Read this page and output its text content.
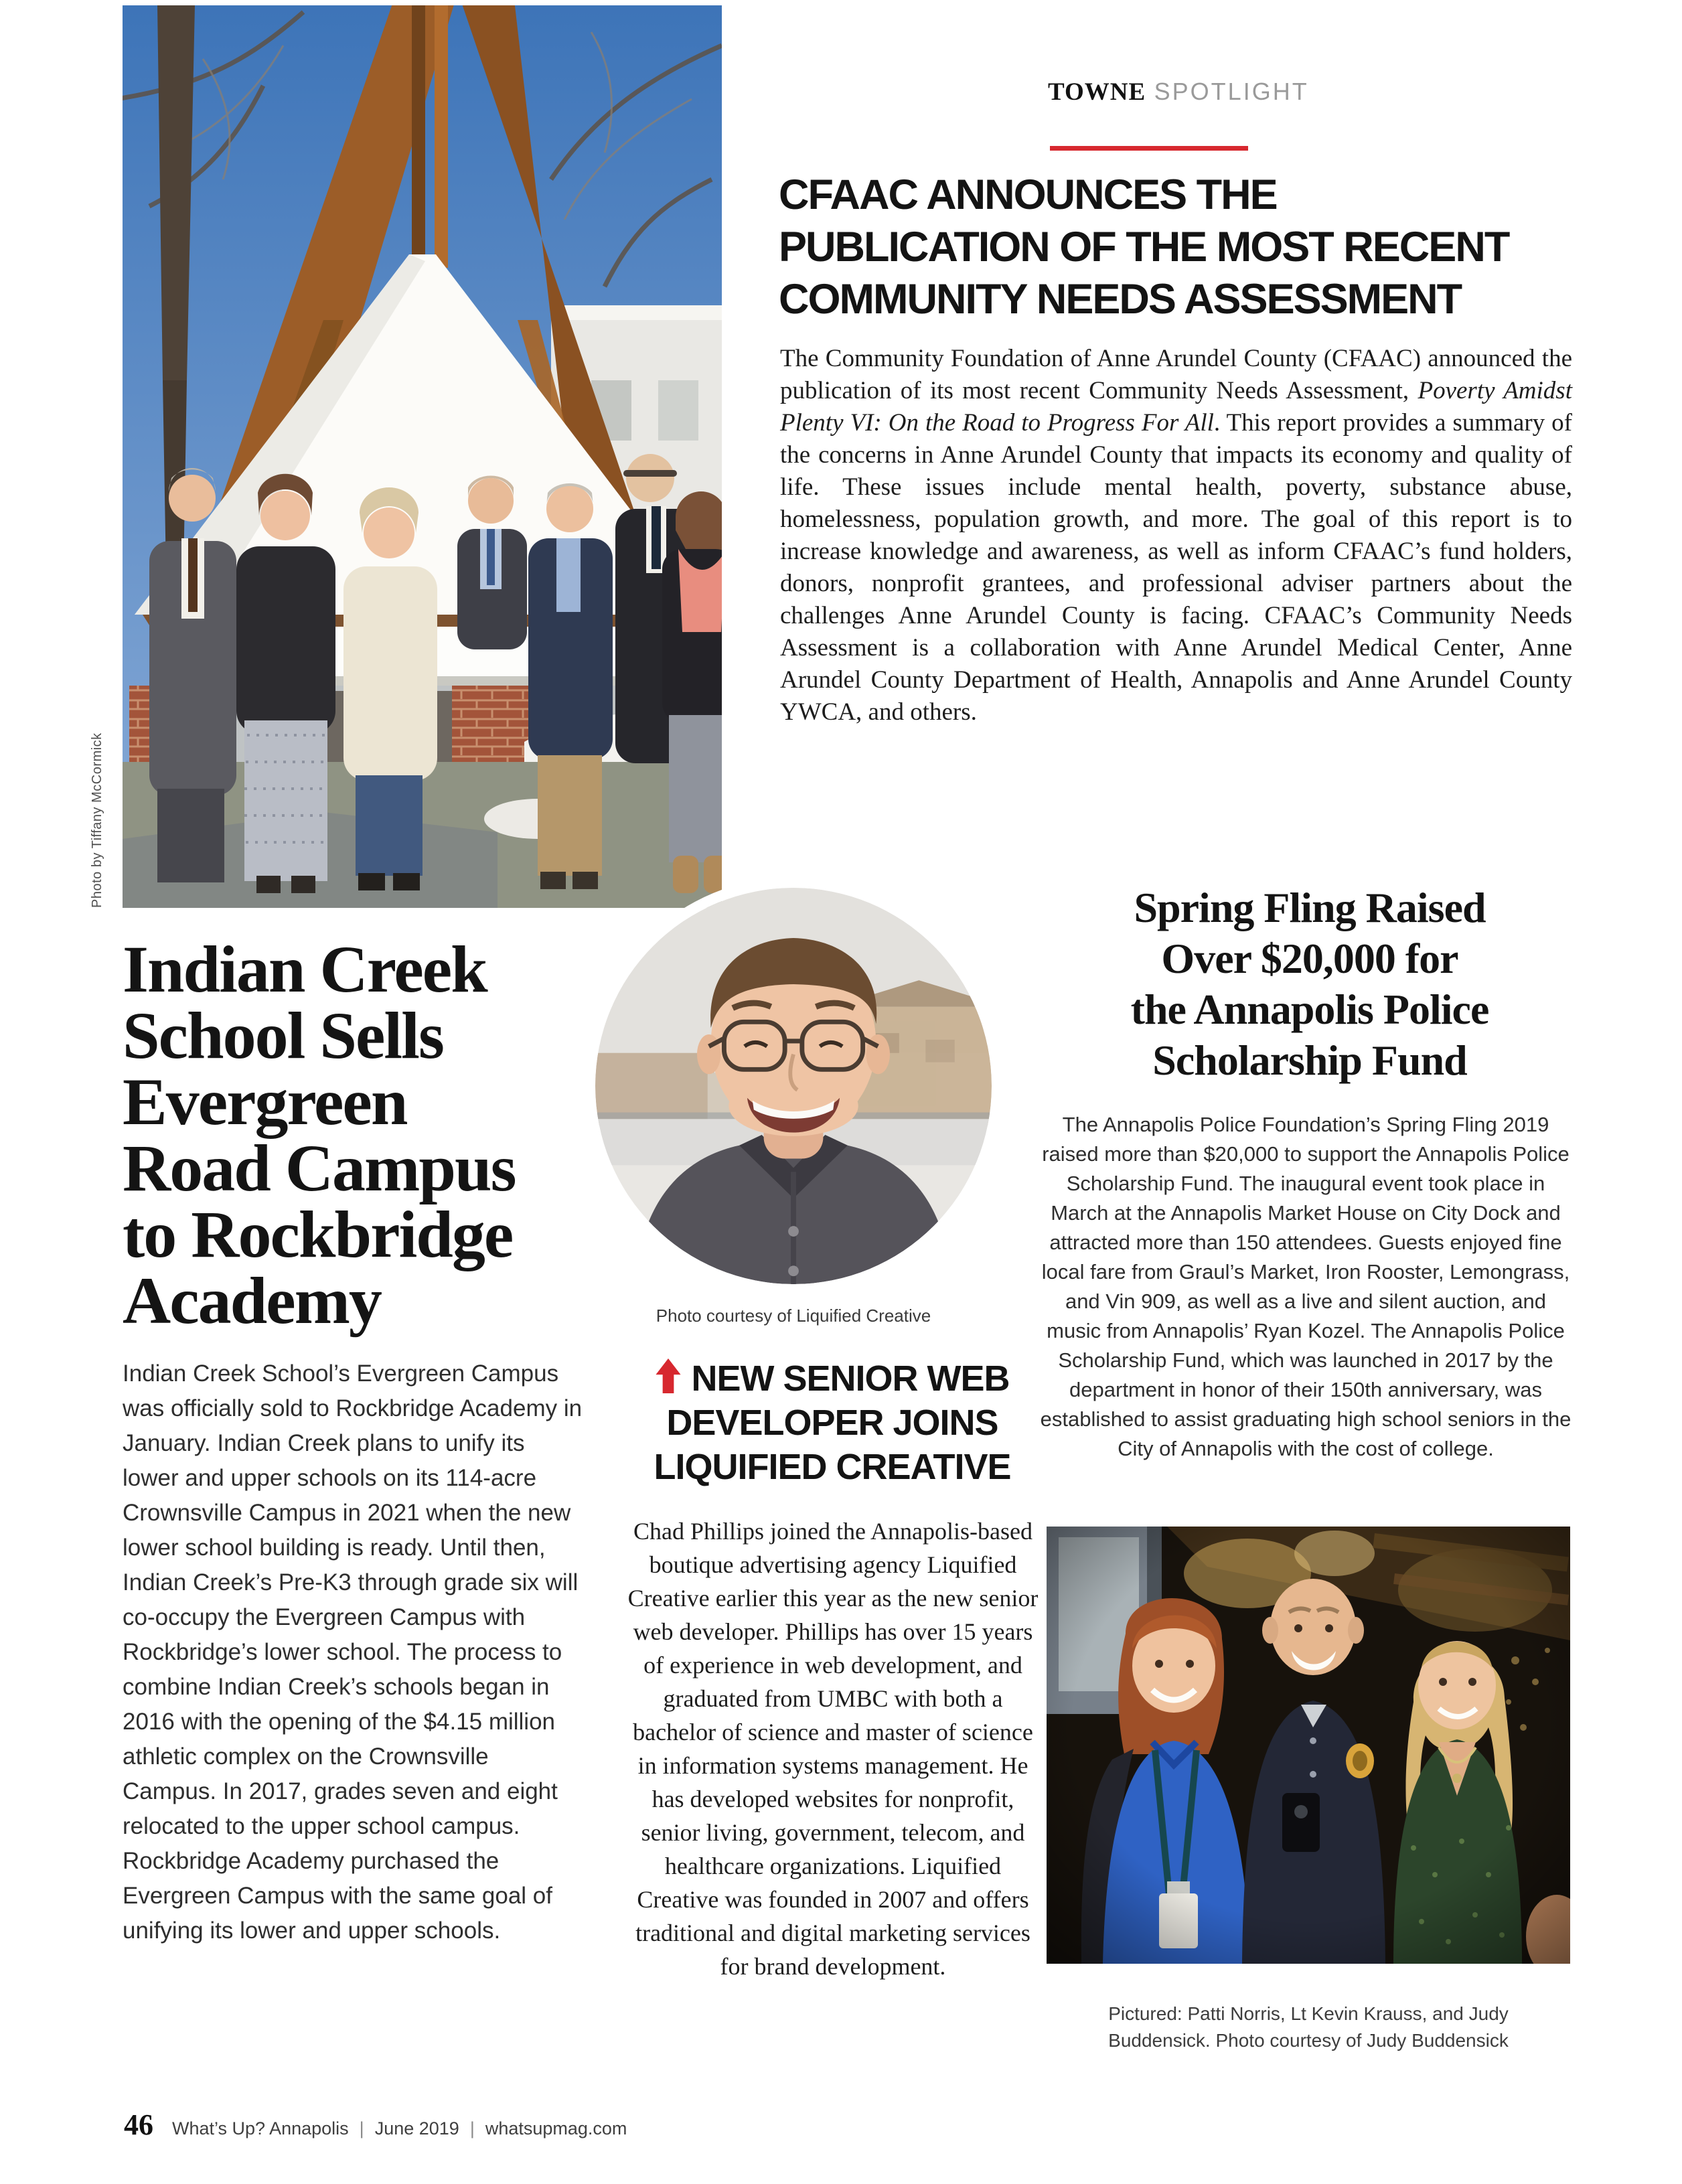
TOWNE SPOTLIGHT
Photo by Tiffany McCormick
CFAAC ANNOUNCES THE
PUBLICATION OF THE MOST RECENT
COMMUNITY NEEDS ASSESSMENT
The Community Foundation of Anne Arundel County (CFAAC) announced the publication of its most recent Community Needs Assessment, Poverty Amidst Plenty VI: On the Road to Progress For All. This report provides a summary of the concerns in Anne Arundel County that impacts its economy and quality of life. These issues include mental health, poverty, substance abuse, homelessness, population growth, and more. The goal of this report is to increase knowledge and awareness, as well as inform CFAAC’s fund holders, donors, nonprofit grantees, and professional adviser partners about the challenges Anne Arundel County is facing. CFAAC’s Community Needs Assessment is a collaboration with Anne Arundel Medical Center, Anne Arundel County Department of Health, Annapolis and Anne Arundel County YWCA, and others.
Indian Creek
School Sells
Evergreen
Road Campus
to Rockbridge
Academy
Indian Creek School’s Evergreen Campus was officially sold to Rockbridge Academy in January. Indian Creek plans to unify its lower and upper schools on its 114-acre Crownsville Campus in 2021 when the new lower school building is ready. Until then, Indian Creek’s Pre-K3 through grade six will co-occupy the Evergreen Campus with Rockbridge’s lower school. The process to combine Indian Creek’s schools began in 2016 with the opening of the $4.15 million athletic complex on the Crownsville Campus. In 2017, grades seven and eight relocated to the upper school campus. Rockbridge Academy purchased the Evergreen Campus with the same goal of unifying its lower and upper schools.
Photo courtesy of Liquified Creative
NEW SENIOR WEB
DEVELOPER JOINS
LIQUIFIED CREATIVE
Chad Phillips joined the Annapolis-based boutique advertising agency Liquified Creative earlier this year as the new senior web developer. Phillips has over 15 years of experience in web development, and graduated from UMBC with both a bachelor of science and master of science in information systems management. He has developed websites for nonprofit, senior living, government, telecom, and healthcare organizations. Liquified Creative was founded in 2007 and offers traditional and digital marketing services for brand development.
Spring Fling Raised
Over $20,000 for
the Annapolis Police
Scholarship Fund
The Annapolis Police Foundation’s Spring Fling 2019 raised more than $20,000 to support the Annapolis Police Scholarship Fund. The inaugural event took place in March at the Annapolis Market House on City Dock and attracted more than 150 attendees. Guests enjoyed fine local fare from Graul’s Market, Iron Rooster, Lemongrass, and Vin 909, as well as a live and silent auction, and music from Annapolis’ Ryan Kozel. The Annapolis Police Scholarship Fund, which was launched in 2017 by the department in honor of their 150th anniversary, was established to assist graduating high school seniors in the City of Annapolis with the cost of college.
Pictured: Patti Norris, Lt Kevin Krauss, and Judy
Buddensick. Photo courtesy of Judy Buddensick
46 What’s Up? Annapolis | June 2019 | whatsupmag.com
